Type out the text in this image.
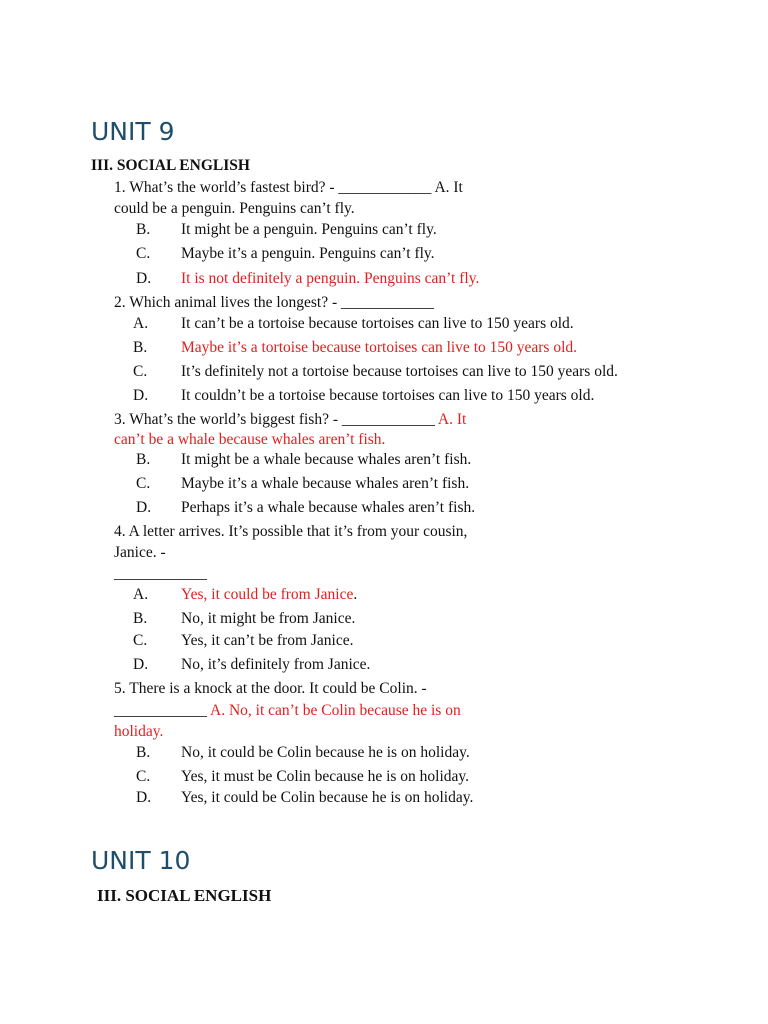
UNIT 9
III. SOCIAL ENGLISH
1. What’s the world’s fastest bird? - ____________ A. It
could be a penguin. Penguins can’t fly.
B. It might be a penguin. Penguins can’t fly.
C. Maybe it’s a penguin. Penguins can’t fly.
D. It is not definitely a penguin. Penguins can’t fly.
2. Which animal lives the longest? - ____________
A. It can’t be a tortoise because tortoises can live to 150 years old.
B. Maybe it’s a tortoise because tortoises can live to 150 years old.
C. It’s definitely not a tortoise because tortoises can live to 150 years old.
D. It couldn’t be a tortoise because tortoises can live to 150 years old.
3. What’s the world’s biggest fish? - ____________ A. It
can’t be a whale because whales aren’t fish.
B. It might be a whale because whales aren’t fish.
C. Maybe it’s a whale because whales aren’t fish.
D. Perhaps it’s a whale because whales aren’t fish.
4. A letter arrives. It’s possible that it’s from your cousin,
Janice. -
____________
A. Yes, it could be from Janice.
B. No, it might be from Janice.
C. Yes, it can’t be from Janice.
D. No, it’s definitely from Janice.
5. There is a knock at the door. It could be Colin. -
____________ A. No, it can’t be Colin because he is on
holiday.
B. No, it could be Colin because he is on holiday.
C. Yes, it must be Colin because he is on holiday.
D. Yes, it could be Colin because he is on holiday.
UNIT 10
III. SOCIAL ENGLISH
